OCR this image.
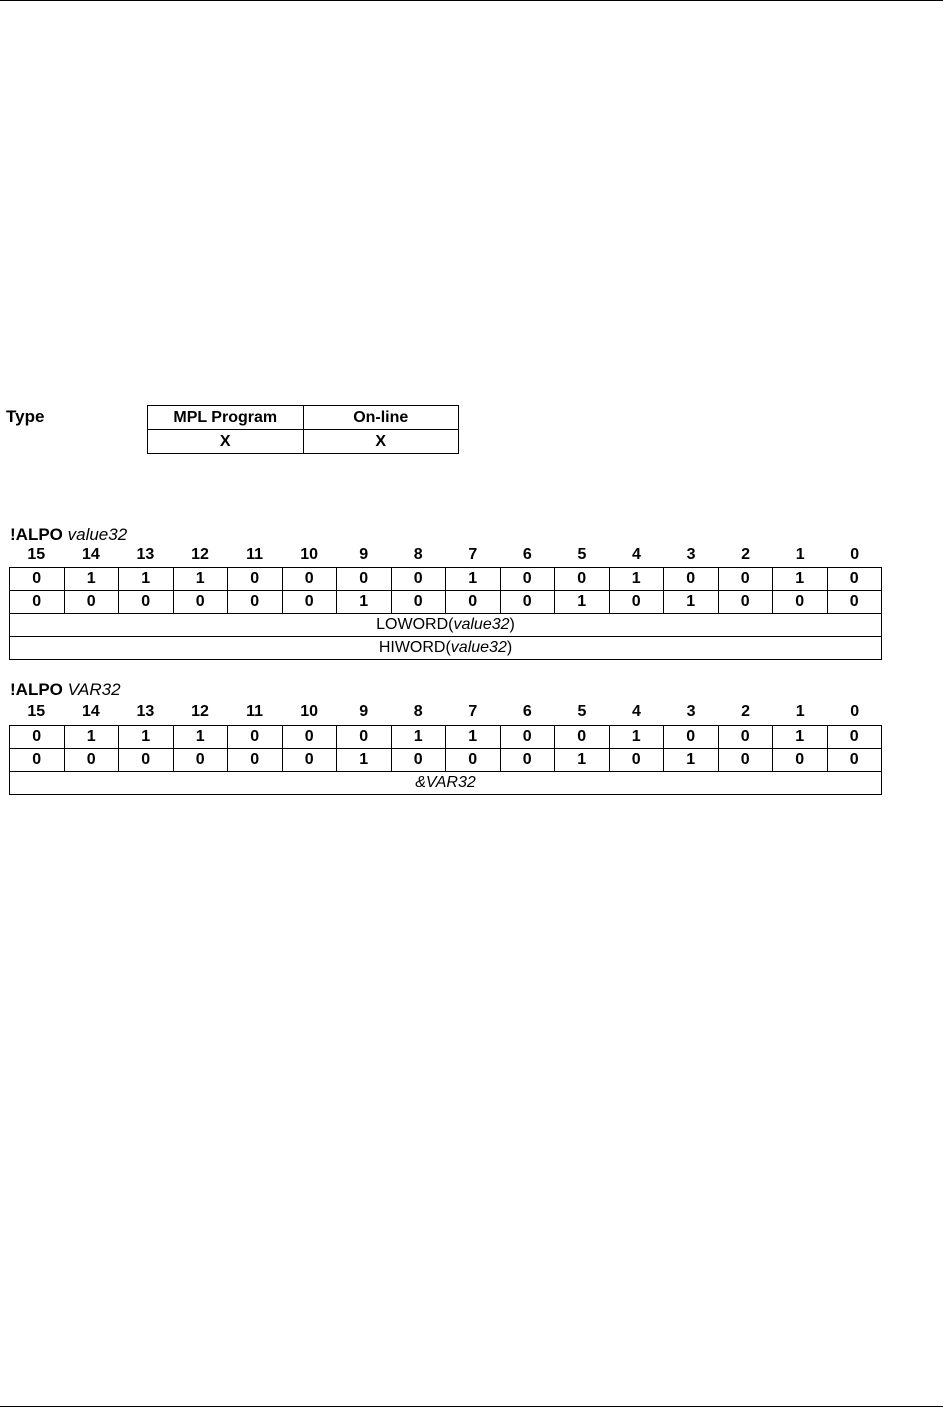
Type	MPL Program	On-line
X	X
!ALPO value32
15	14	13	12	11	10	9	8	7	6	5	4	3	2	1	0
0	1	1	1	0	0	0	0	1	0	0	1	0	0	1	0
0	0	0	0	0	0	1	0	0	0	1	0	1	0	0	0
LOWORD(value32)															
HIWORD(value32)															
!ALPO VAR32
15	14	13	12	11	10	9	8	7	6	5	4	3	2	1	0
0	1	1	1	0	0	0	1	1	0	0	1	0	0	1	0
0	0	0	0	0	0	1	0	0	0	1	0	1	0	0	0
&VAR32															
